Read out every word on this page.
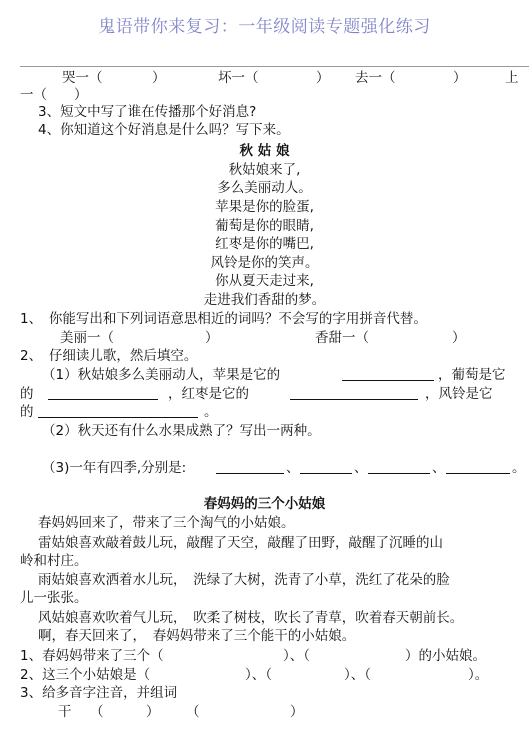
鬼语带你来复习：一年级阅读专题强化练习
哭一（	）	坏一（	） 去一（	）	上
一（　　）
3、短文中写了谁在传播那个好消息?
4、你知道这个好消息是什么吗？写下来。
秋 姑 娘
秋姑娘来了,
多么美丽动人。
苹果是你的脸蛋,
葡萄是你的眼睛,
红枣是你的嘴巴,
风铃是你的笑声。
你从夏天走过来,
走进我们香甜的梦。
1、　你能写出和下列词语意思相近的词吗？不会写的字用拼音代替。
美丽一（	）	香甜一（	）
2、　仔细读儿歌，然后填空。
（1）秋姑娘多么美丽动人，苹果是它的	，葡萄是它
的	，红枣是它的	，风铃是它
的	。
（2）秋天还有什么水果成熟了？写出一两种。
（3)一年有四季,分别是:	、	、	、	。
春妈妈的三个小姑娘
春妈妈回来了，带来了三个淘气的小姑娘。
雷姑娘喜欢敲着鼓儿玩，敲醒了天空，敲醒了田野，敲醒了沉睡的山
岭和村庄。
雨姑娘喜欢洒着水儿玩，　洗绿了大树，洗青了小草，洗红了花朵的脸
儿一张张。
风姑娘喜欢吹着气儿玩，　吹柔了树枝，吹长了青草，吹着春天朝前长。
啊，春天回来了，　春妈妈带来了三个能干的小姑娘。
1、春妈妈带来了三个（	）、（	）的小姑娘。
2、这三个小姑娘是（	）、（	）、（	）。
3、给多音字注音，并组词
干 （	） （	）
